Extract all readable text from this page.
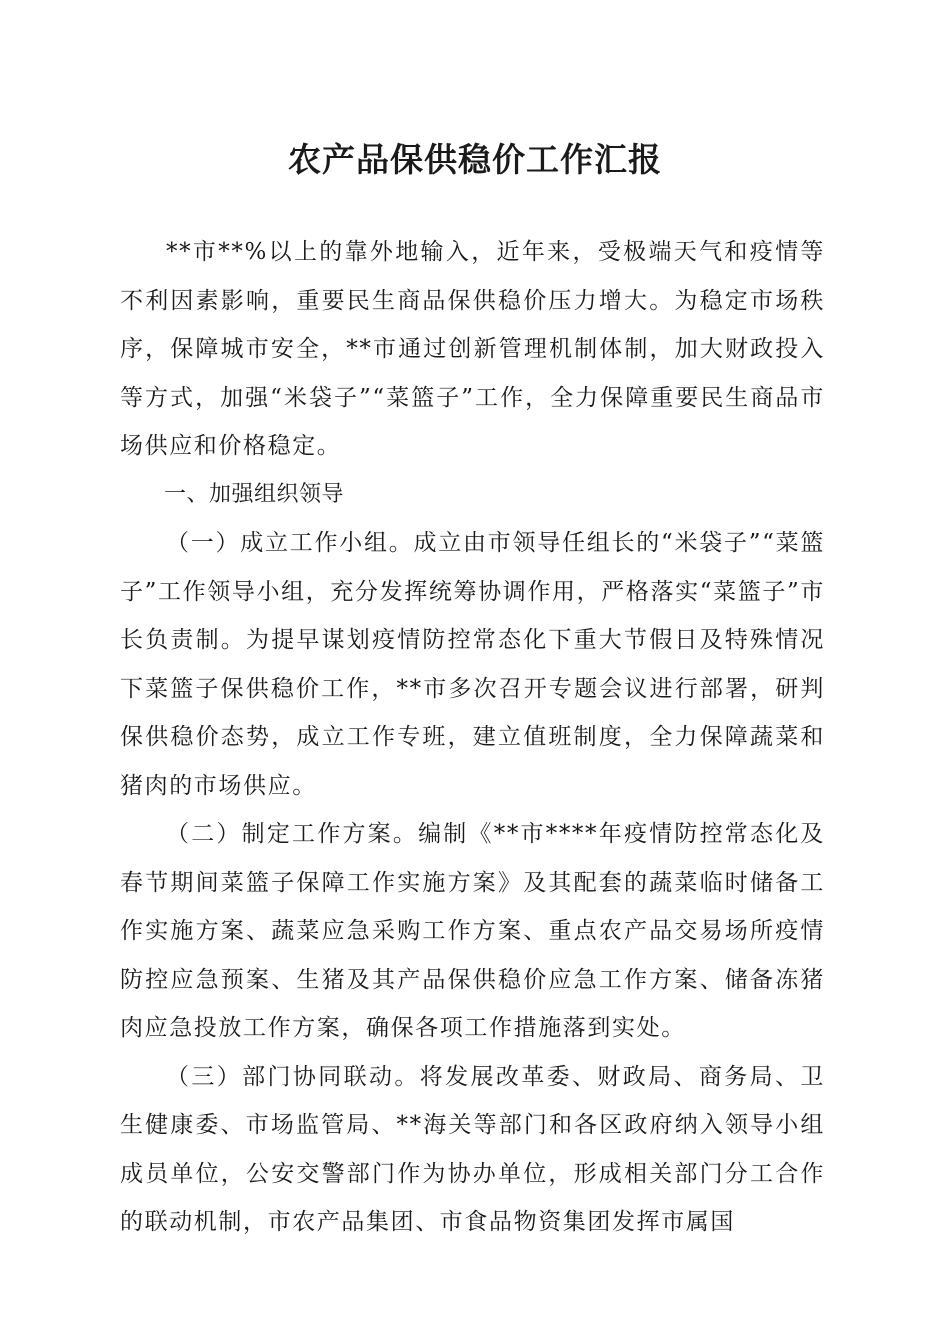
农产品保供稳价工作汇报

**市**%以上的靠外地输入，近年来，受极端天气和疫情等不利因素影响，重要民生商品保供稳价压力增大。为稳定市场秩序，保障城市安全，**市通过创新管理机制体制，加大财政投入等方式，加强“米袋子”“菜篮子”工作，全力保障重要民生商品市场供应和价格稳定。

一、加强组织领导

（一）成立工作小组。成立由市领导任组长的“米袋子”“菜篮子”工作领导小组，充分发挥统筹协调作用，严格落实“菜篮子”市长负责制。为提早谋划疫情防控常态化下重大节假日及特殊情况下菜篮子保供稳价工作，**市多次召开专题会议进行部署，研判保供稳价态势，成立工作专班，建立值班制度，全力保障蔬菜和猪肉的市场供应。

（二）制定工作方案。编制《**市****年疫情防控常态化及春节期间菜篮子保障工作实施方案》及其配套的蔬菜临时储备工作实施方案、蔬菜应急采购工作方案、重点农产品交易场所疫情防控应急预案、生猪及其产品保供稳价应急工作方案、储备冻猪肉应急投放工作方案，确保各项工作措施落到实处。

（三）部门协同联动。将发展改革委、财政局、商务局、卫生健康委、市场监管局、**海关等部门和各区政府纳入领导小组成员单位，公安交警部门作为协办单位，形成相关部门分工合作的联动机制，市农产品集团、市食品物资集团发挥市属国
